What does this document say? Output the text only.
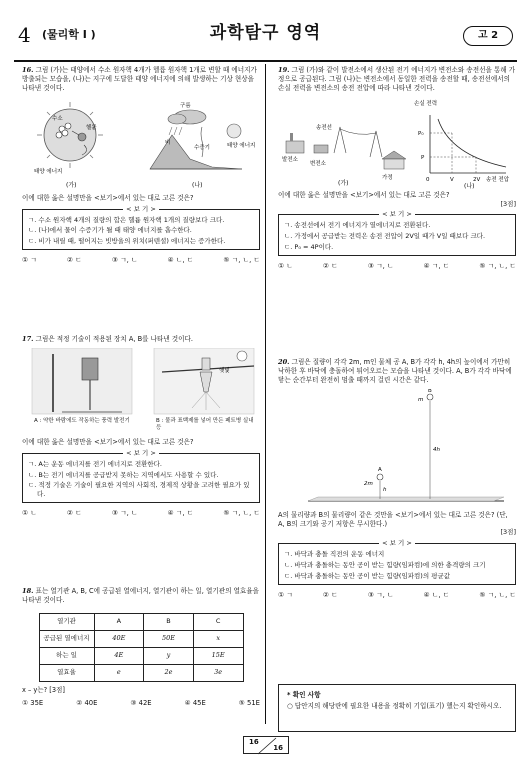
4 (물리학 I )	과학탐구 영역	고 2
16. 그림 (가)는 태양에서 수소 원자핵 4개가 헬륨 원자핵 1개로 변할 때 에너지가 방출되는 모습을, (나)는 지구에 도달한 태양 에너지에 의해 발생하는 기상 현상을 나타낸 것이다.
수소
헬륨
태양 에너지
구름
비
수증기	태양 에너지
(가)	(나)
이에 대한 옳은 설명만을 <보기>에서 있는 대로 고른 것은?
< 보 기 >
ㄱ. 수소 원자핵 4개의 질량의 합은 헬륨 원자핵 1개의 질량보다 크다.
ㄴ. (나)에서 물이 수증기가 될 때 태양 에너지를 흡수한다.
ㄷ. 비가 내릴 때, 떨어지는 빗방울의 위치(퍼텐셜) 에너지는 증가한다.
① ㄱ	② ㄷ	③ ㄱ, ㄴ	④ ㄴ, ㄷ	⑤ ㄱ, ㄴ, ㄷ
17. 그림은 적정 기술이 적용된 장치 A, B를 나타낸 것이다.
햇빛
A : 약한 바람에도 작동하는 풍력 발전기	B : 물과 표백제를 넣어 만든 페트병 실내등
이에 대한 옳은 설명만을 <보기>에서 있는 대로 고른 것은?
< 보 기 >
ㄱ. A는 운동 에너지를 전기 에너지로 전환한다.
ㄴ. B는 전기 에너지를 공급받지 못하는 지역에서도 사용할 수 있다.
ㄷ. 적정 기술은 기술이 필요한 지역의 사회적, 경제적 상황을 고려한 필요가 있다.
① ㄴ	② ㄷ	③ ㄱ, ㄴ	④ ㄱ, ㄷ	⑤ ㄱ, ㄴ, ㄷ
18. 표는 열기관 A, B, C에 공급된 열에너지, 열기관이 하는 일, 열기관의 열효율을 나타낸 것이다.
열기관	A	B	C
공급된 열에너지	40E	50E	x
하는 일	4E	y	15E
열효율	e	2e	3e
x – y는? [3점]
① 35E	② 40E	③ 42E	④ 45E	⑤ 51E
19. 그림 (가)와 같이 발전소에서 생산된 전기 에너지가 변전소와 송전선을 통해 가정으로 공급된다. 그림 (나)는 변전소에서 동일한 전력을 송전할 때, 송전선에서의 손실 전력을 변전소의 송전 전압에 따라 나타낸 것이다.
송전선
발전소
변전소
가정
(가)
손실 전력
P₀
P
0	V	2V 송전 전압
(나)
이에 대한 옳은 설명만을 <보기>에서 있는 대로 고른 것은?
[3점]
< 보 기 >
ㄱ. 송전선에서 전기 에너지가 열에너지로 전환된다.
ㄴ. 가정에서 공급받는 전력은 송전 전압이 2V일 때가 V일 때보다 크다.
ㄷ. P₀ = 4P이다.
① ㄴ	② ㄷ	③ ㄱ, ㄴ	④ ㄱ, ㄷ	⑤ ㄱ, ㄴ, ㄷ
20. 그림은 질량이 각각 2m, m인 물체 공 A, B가 각각 h, 4h의 높이에서 가만히 낙하한 후 바닥에 충돌하여 튀어오르는 모습을 나타낸 것이다. A, B가 각각 바닥에 닿는 순간부터 완전히 멈출 때까지 걸린 시간은 같다.
A
2m
h
B
m
4h
A의 물리량과 B의 물리량이 같은 것만을 <보기>에서 있는 대로 고른 것은? (단, A, B의 크기와 공기 저항은 무시한다.)
[3점]
< 보 기 >
ㄱ. 바닥과 충돌 직전의 운동 에너지
ㄴ. 바닥과 충돌하는 동안 공이 받는 힘량(임파컴)에 의한 충격량의 크기
ㄷ. 바닥과 충돌하는 동안 공이 받는 힘량(임파컴)의 평균값
① ㄱ	② ㄷ	③ ㄱ, ㄴ	④ ㄴ, ㄷ	⑤ ㄱ, ㄴ, ㄷ
* 확인 사항
○ 답안지의 해당란에 필요한 내용을 정확히 기입(표기) 했는지 확인하시오.
16
16
